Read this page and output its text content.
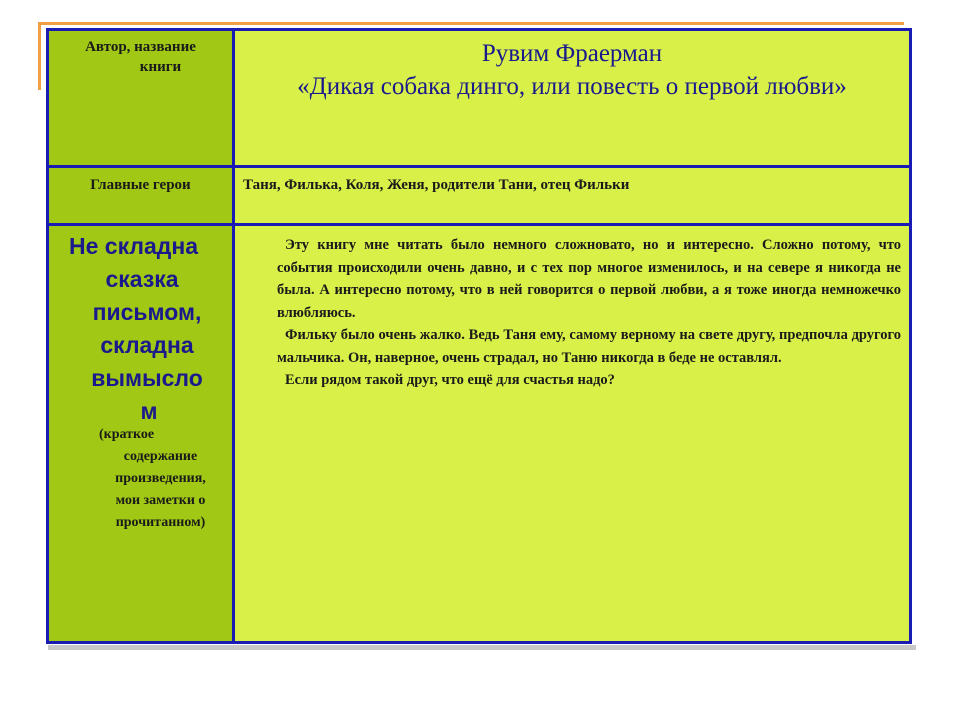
Автор, название
книги	Рувим Фраерман
«Дикая собака динго, или повесть о первой любви»
Главные герои	Таня, Филька, Коля, Женя, родители Тани, отец Фильки
Не складна
сказка
письмом,
складна
вымысло
м
(краткое
содержание
произведения,
мои заметки о
прочитанном)

Эту книгу мне читать было немного сложновато, но и интересно. Сложно потому, что события происходили очень давно, и с тех пор многое изменилось, и на севере я никогда не была. А интересно потому, что в ней говорится о первой любви, а я тоже иногда немножечко влюбляюсь.

Фильку было очень жалко. Ведь Таня ему, самому верному на свете другу, предпочла другого мальчика. Он, наверное, очень страдал, но Таню никогда в беде не оставлял.

Если рядом такой друг, что ещё для счастья надо?
